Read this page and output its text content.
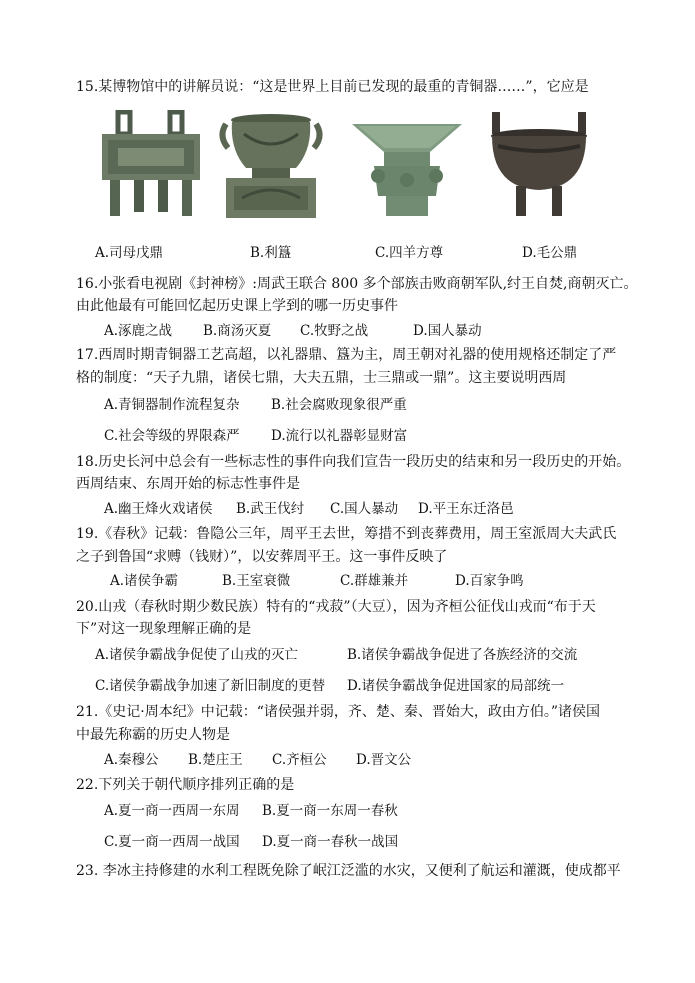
15.某博物馆中的讲解员说：“这是世界上目前已发现的最重的青铜器……”，它应是
A.司母戊鼎	B.利簋	C.四羊方尊	D.毛公鼎
16.小张看电视剧《封神榜》:周武王联合 800 多个部族击败商朝军队,纣王自焚,商朝灭亡。
由此他最有可能回忆起历史课上学到的哪一历史事件
A.涿鹿之战 B.商汤灭夏 C.牧野之战	D.国人暴动
17.西周时期青铜器工艺高超，以礼器鼎、簋为主，周王朝对礼器的使用规格还制定了严
格的制度：“天子九鼎，诸侯七鼎，大夫五鼎，士三鼎或一鼎”。这主要说明西周
A.青铜器制作流程复杂 B.社会腐败现象很严重
C.社会等级的界限森严 D.流行以礼器彰显财富
18.历史长河中总会有一些标志性的事件向我们宣告一段历史的结束和另一段历史的开始。
西周结束、东周开始的标志性事件是
A.幽王烽火戏诸侯 B.武王伐纣 C.国人暴动 D.平王东迁洛邑
19.《春秋》记载：鲁隐公三年，周平王去世，筹措不到丧葬费用，周王室派周大夫武氏
之子到鲁国“求赙（钱财）”，以安葬周平王。这一事件反映了
A.诸侯争霸	B.王室衰微	C.群雄兼并	D.百家争鸣
20.山戎（春秋时期少数民族）特有的“戎菽”（大豆），因为齐桓公征伐山戎而“布于天
下”对这一现象理解正确的是
A.诸侯争霸战争促使了山戎的灭亡	B.诸侯争霸战争促进了各族经济的交流
C.诸侯争霸战争加速了新旧制度的更替 D.诸侯争霸战争促进国家的局部统一
21.《史记·周本纪》中记载：“诸侯强并弱，齐、楚、秦、晋始大，政由方伯。”诸侯国
中最先称霸的历史人物是
A.秦穆公 B.楚庄王 C.齐桓公 D.晋文公
22.下列关于朝代顺序排列正确的是
A.夏一商一西周一东周 B.夏一商一东周一春秋
C.夏一商一西周一战国 D.夏一商一春秋一战国
23. 李冰主持修建的水利工程既免除了岷江泛滥的水灾，又便利了航运和灌溉，使成都平
